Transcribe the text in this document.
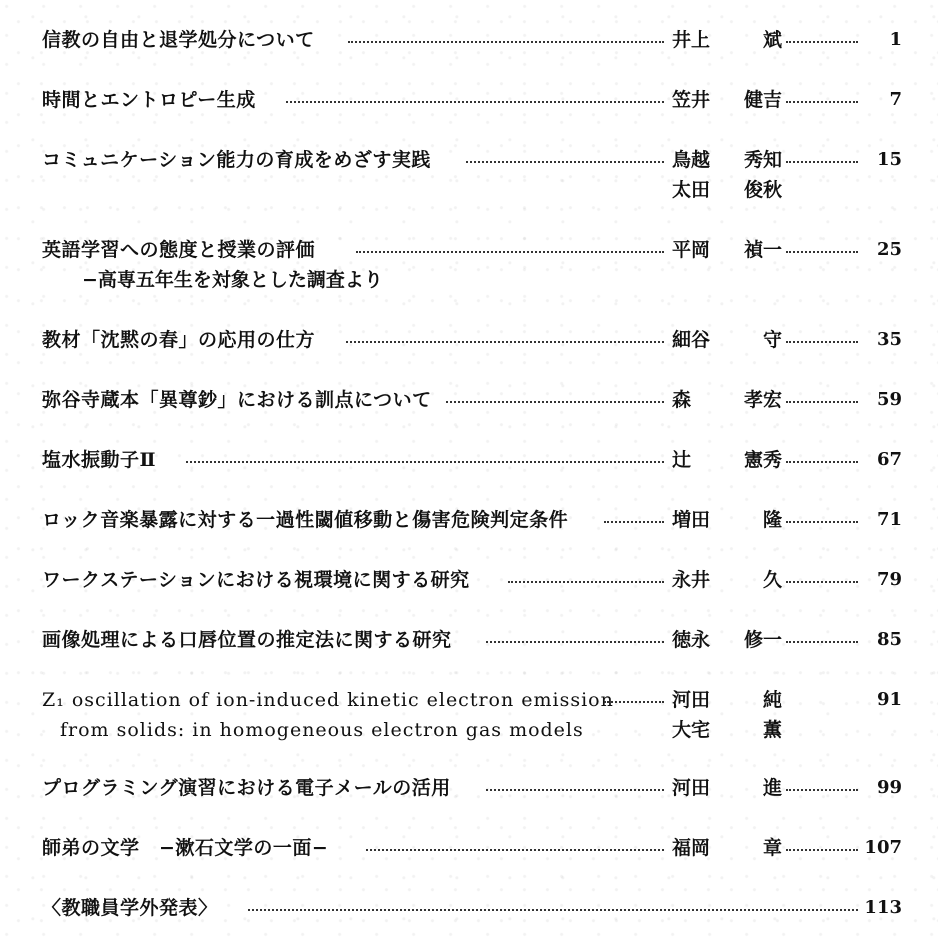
信教の自由と退学処分について	井上	斌	1
時間とエントロピー生成	笠井	健吉	7
コミュニケーション能力の育成をめざす実践	鳥越	秀知	15
太田	俊秋
英語学習への態度と授業の評価	平岡	禎一	25
−高専五年生を対象とした調査より
教材「沈黙の春」の応用の仕方	細谷	守	35
弥谷寺蔵本「異尊鈔」における訓点について	森	孝宏	59
塩水振動子Ⅱ	辻	憲秀	67
ロック音楽暴露に対する一過性閾値移動と傷害危険判定条件	増田	隆	71
ワークステーションにおける視環境に関する研究	永井	久	79
画像処理による口唇位置の推定法に関する研究	徳永	修一	85
Z₁ oscillation of ion-induced kinetic electron emission	河田	純	91
from solids: in homogeneous electron gas models	大宅	薫
プログラミング演習における電子メールの活用	河田	進	99
師弟の文学　−漱石文学の一面−	福岡	章	107
〈教職員学外発表〉	113
